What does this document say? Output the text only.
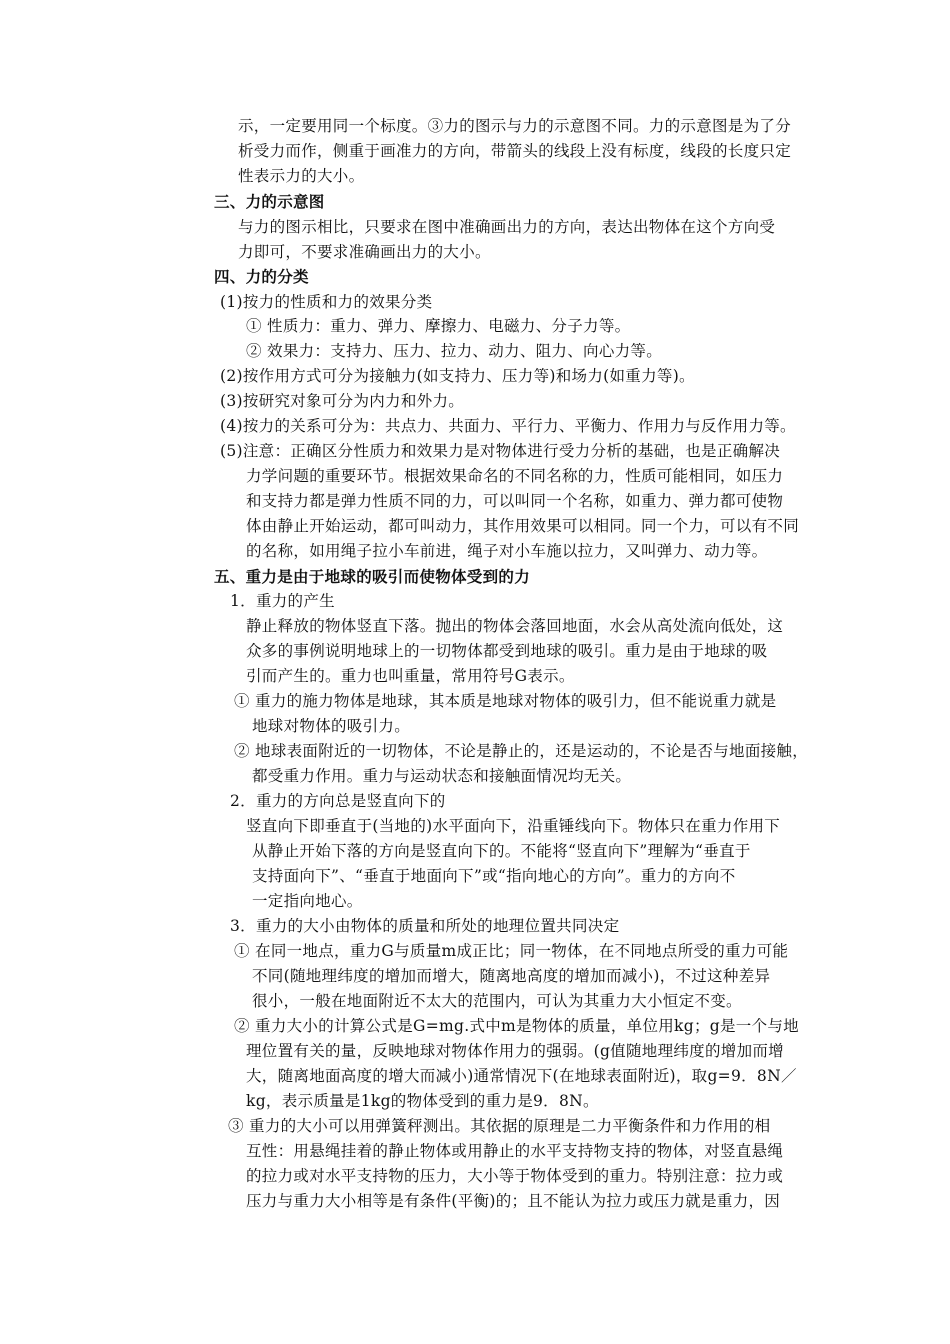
示，一定要用同一个标度。③力的图示与力的示意图不同。力的示意图是为了分
析受力而作，侧重于画准力的方向，带箭头的线段上没有标度，线段的长度只定
性表示力的大小。
三、力的示意图
与力的图示相比，只要求在图中准确画出力的方向，表达出物体在这个方向受
力即可，不要求准确画出力的大小。
四、力的分类
(1)按力的性质和力的效果分类
① 性质力：重力、弹力、摩擦力、电磁力、分子力等。
② 效果力：支持力、压力、拉力、动力、阻力、向心力等。
(2)按作用方式可分为接触力(如支持力、压力等)和场力(如重力等)。
(3)按研究对象可分为内力和外力。
(4)按力的关系可分为：共点力、共面力、平行力、平衡力、作用力与反作用力等。
(5)注意：正确区分性质力和效果力是对物体进行受力分析的基础，也是正确解决
力学问题的重要环节。根据效果命名的不同名称的力，性质可能相同，如压力
和支持力都是弹力性质不同的力，可以叫同一个名称，如重力、弹力都可使物
体由静止开始运动，都可叫动力，其作用效果可以相同。同一个力，可以有不同
的名称，如用绳子拉小车前进，绳子对小车施以拉力，又叫弹力、动力等。
五、重力是由于地球的吸引而使物体受到的力
1．重力的产生
静止释放的物体竖直下落。抛出的物体会落回地面，水会从高处流向低处，这
众多的事例说明地球上的一切物体都受到地球的吸引。重力是由于地球的吸
引而产生的。重力也叫重量，常用符号G表示。
① 重力的施力物体是地球，其本质是地球对物体的吸引力，但不能说重力就是
地球对物体的吸引力。
② 地球表面附近的一切物体，不论是静止的，还是运动的，不论是否与地面接触，
都受重力作用。重力与运动状态和接触面情况均无关。
2．重力的方向总是竖直向下的
竖直向下即垂直于(当地的)水平面向下，沿重锤线向下。物体只在重力作用下
从静止开始下落的方向是竖直向下的。不能将“竖直向下”理解为“垂直于
支持面向下”、“垂直于地面向下”或“指向地心的方向”。重力的方向不
一定指向地心。
3．重力的大小由物体的质量和所处的地理位置共同决定
① 在同一地点，重力G与质量m成正比；同一物体，在不同地点所受的重力可能
不同(随地理纬度的增加而增大，随离地高度的增加而减小)，不过这种差异
很小，一般在地面附近不太大的范围内，可认为其重力大小恒定不变。
② 重力大小的计算公式是G=mg.式中m是物体的质量，单位用kg；g是一个与地
理位置有关的量，反映地球对物体作用力的强弱。(g值随地理纬度的增加而增
大，随离地面高度的增大而减小)通常情况下(在地球表面附近)，取g=9．8N／
kg，表示质量是1kg的物体受到的重力是9．8N。
③ 重力的大小可以用弹簧秤测出。其依据的原理是二力平衡条件和力作用的相
互性：用悬绳挂着的静止物体或用静止的水平支持物支持的物体，对竖直悬绳
的拉力或对水平支持物的压力，大小等于物体受到的重力。特别注意：拉力或
压力与重力大小相等是有条件(平衡)的；且不能认为拉力或压力就是重力，因
